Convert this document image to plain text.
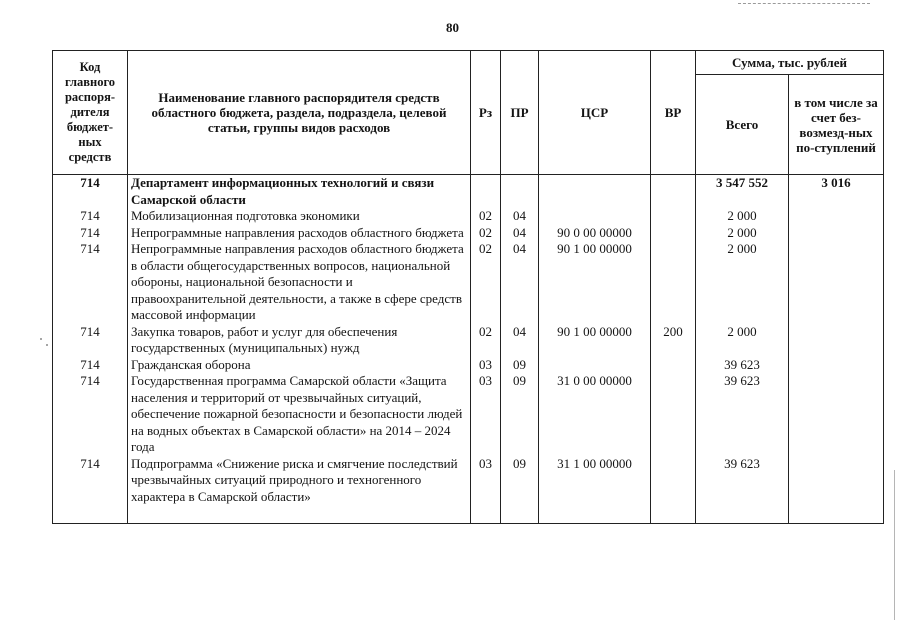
80
Код главного распоря-дителя бюджет-ных средств	Наименование главного распорядителя средств областного бюджета, раздела, подраздела, целевой статьи, группы видов расходов	Рз	ПР	ЦСР	ВР	Сумма, тыс. рублей	
						Всего	в том числе за счет без-возмезд-ных по-ступлений
714	Департамент информационных технологий и связи Самарской области					3 547 552	3 016
714	Мобилизационная подготовка экономики	02	04			2 000	
714	Непрограммные направления расходов областного бюджета	02	04	90 0 00 00000		2 000	
714	Непрограммные направления расходов областного бюджета в области общегосударственных вопросов, национальной обороны, национальной безопасности и правоохранительной деятельности, а также в сфере средств массовой информации	02	04	90 1 00 00000		2 000	
714	Закупка товаров, работ и услуг для обеспечения государственных (муниципальных) нужд	02	04	90 1 00 00000	200	2 000	
714	Гражданская оборона	03	09			39 623	
714	Государственная программа Самарской области «Защита населения и территорий от чрезвычайных ситуаций, обеспечение пожарной безопасности и безопасности людей на водных объектах в Самарской области» на 2014 – 2024 года	03	09	31 0 00 00000		39 623	
714	Подпрограмма «Снижение риска и смягчение последствий чрезвычайных ситуаций природного и техногенного характера в Самарской области»	03	09	31 1 00 00000		39 623	
